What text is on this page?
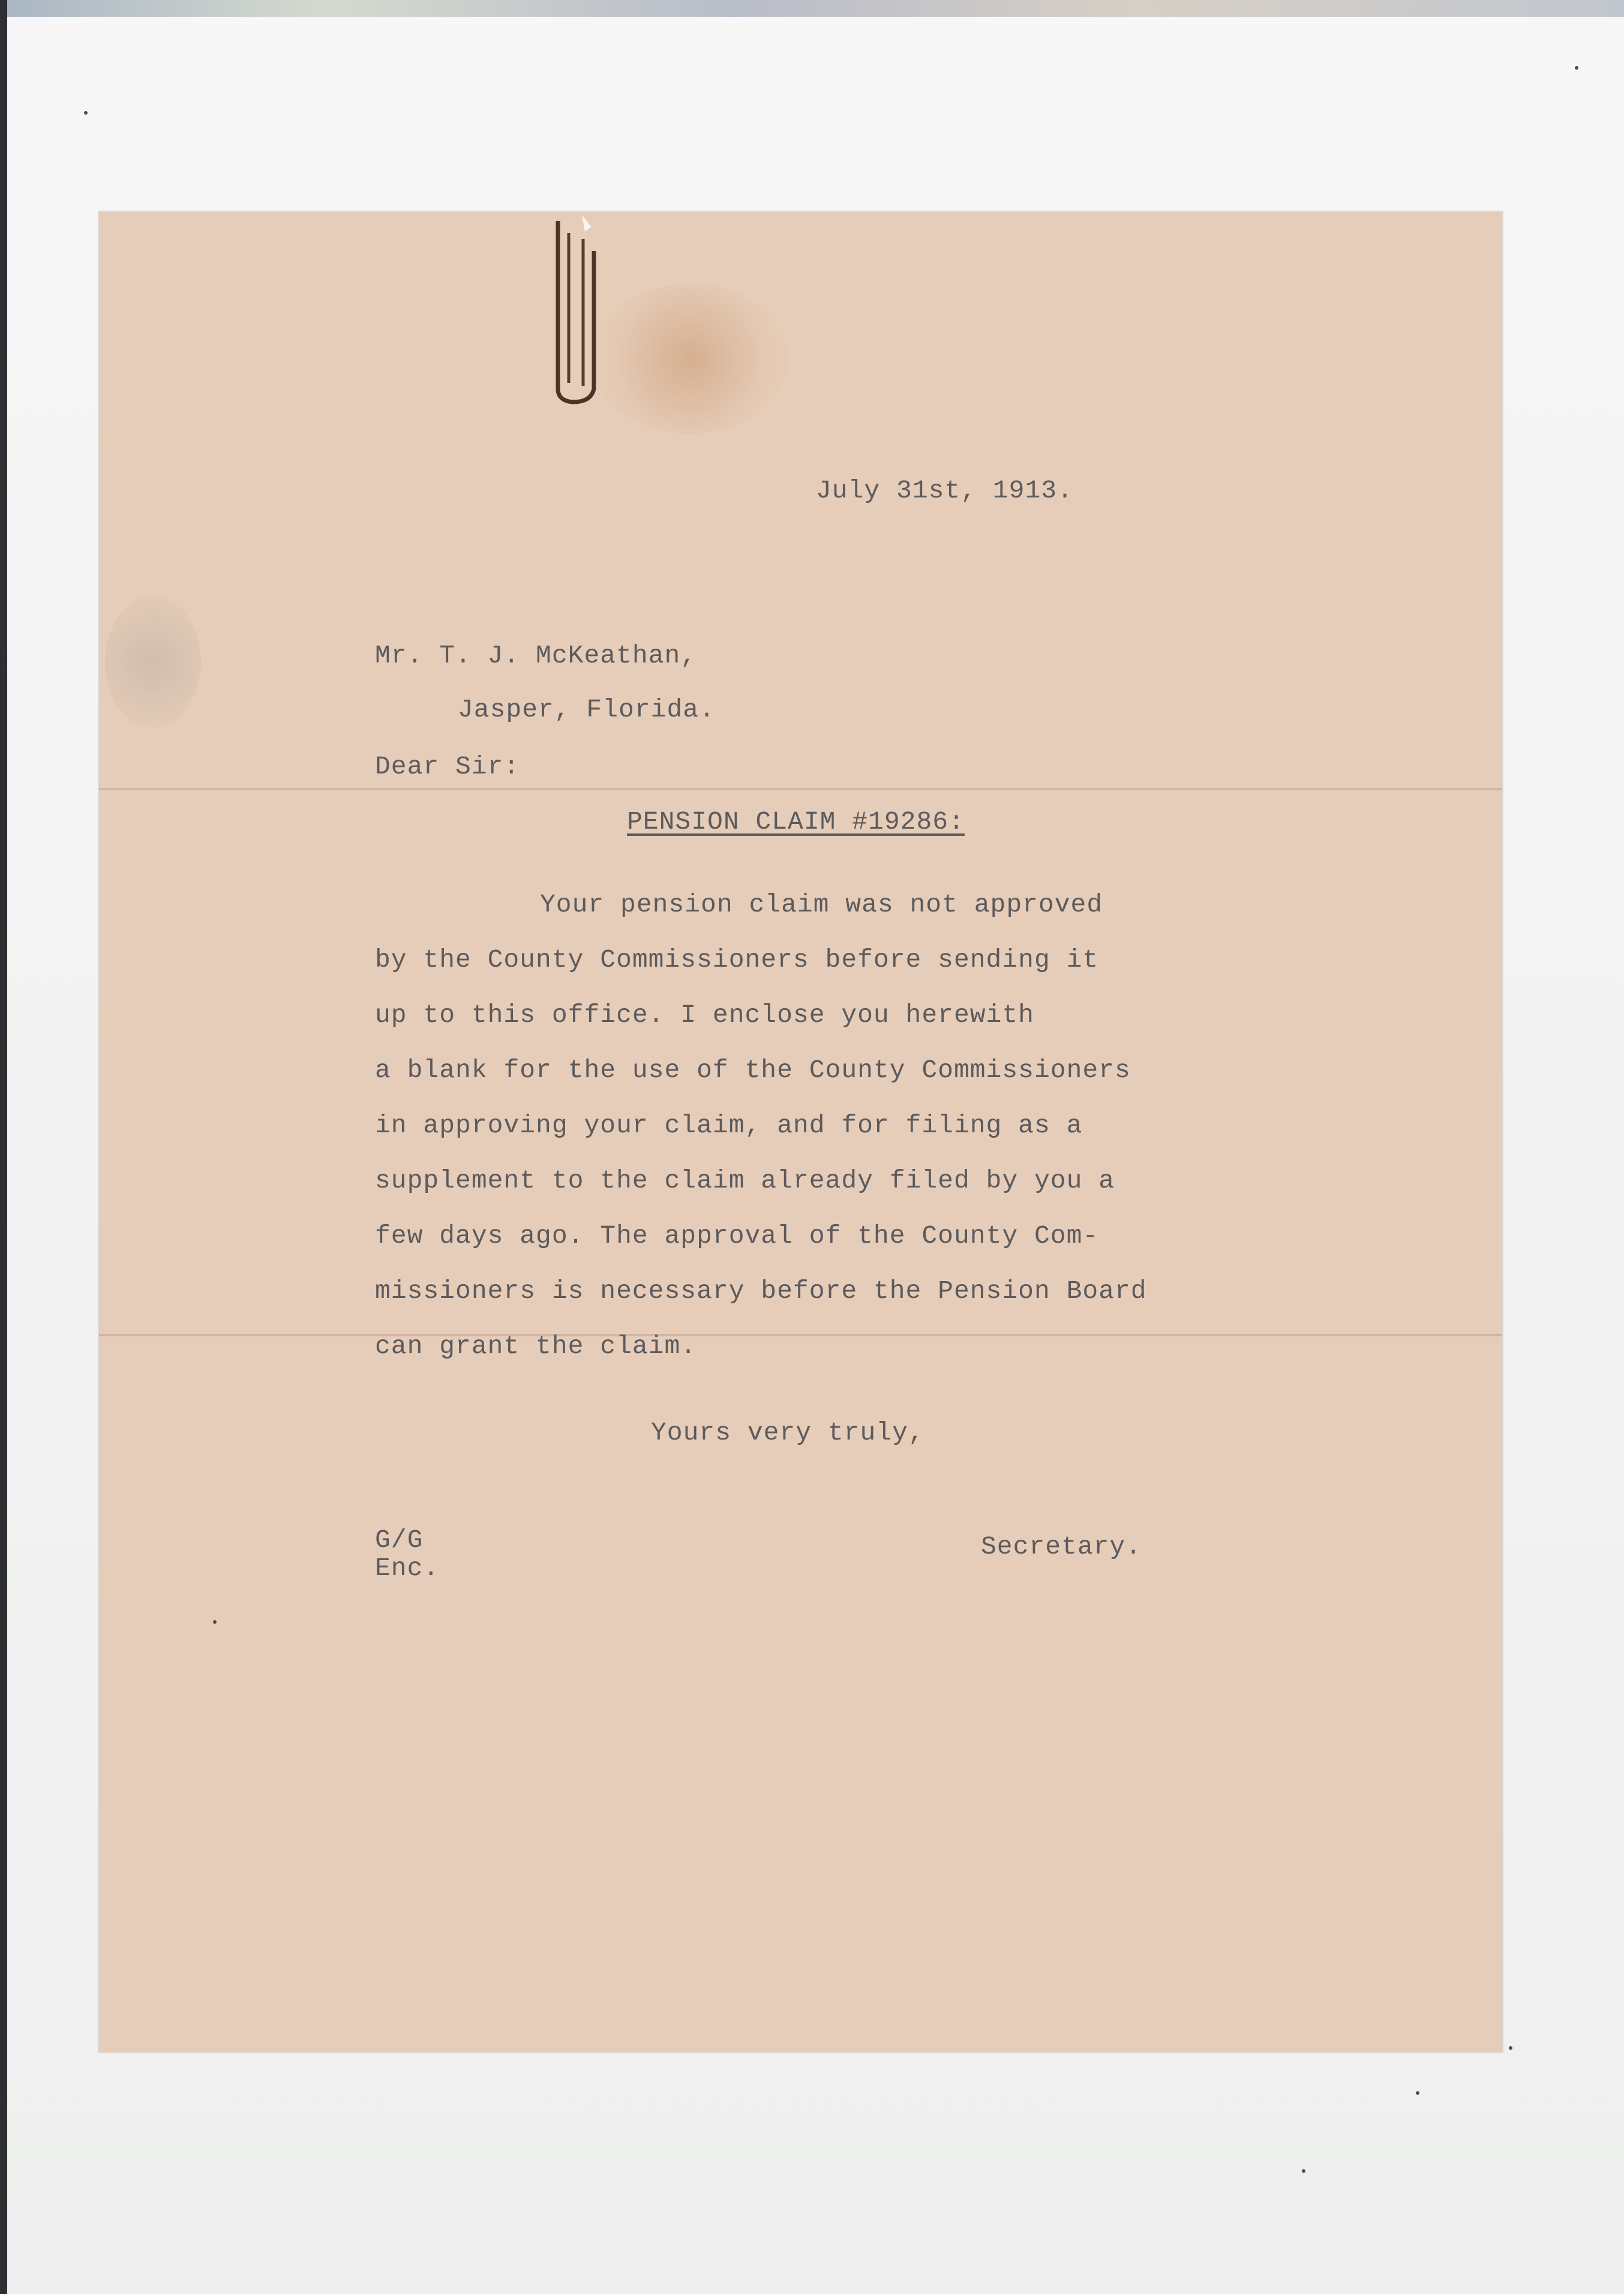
July 31st, 1913.
Mr. T. J. McKeathan,
Jasper, Florida.
Dear Sir:
PENSION CLAIM #19286:
Your pension claim was not approved
by the County Commissioners before sending it
up to this office. I enclose you herewith
a blank for the use of the County Commissioners
in approving your claim, and for filing as a
supplement to the claim already filed by you a
few days ago. The approval of the County Com-
missioners is necessary before the Pension Board
can grant the claim.
Yours very truly,
G/G
Enc.
Secretary.
